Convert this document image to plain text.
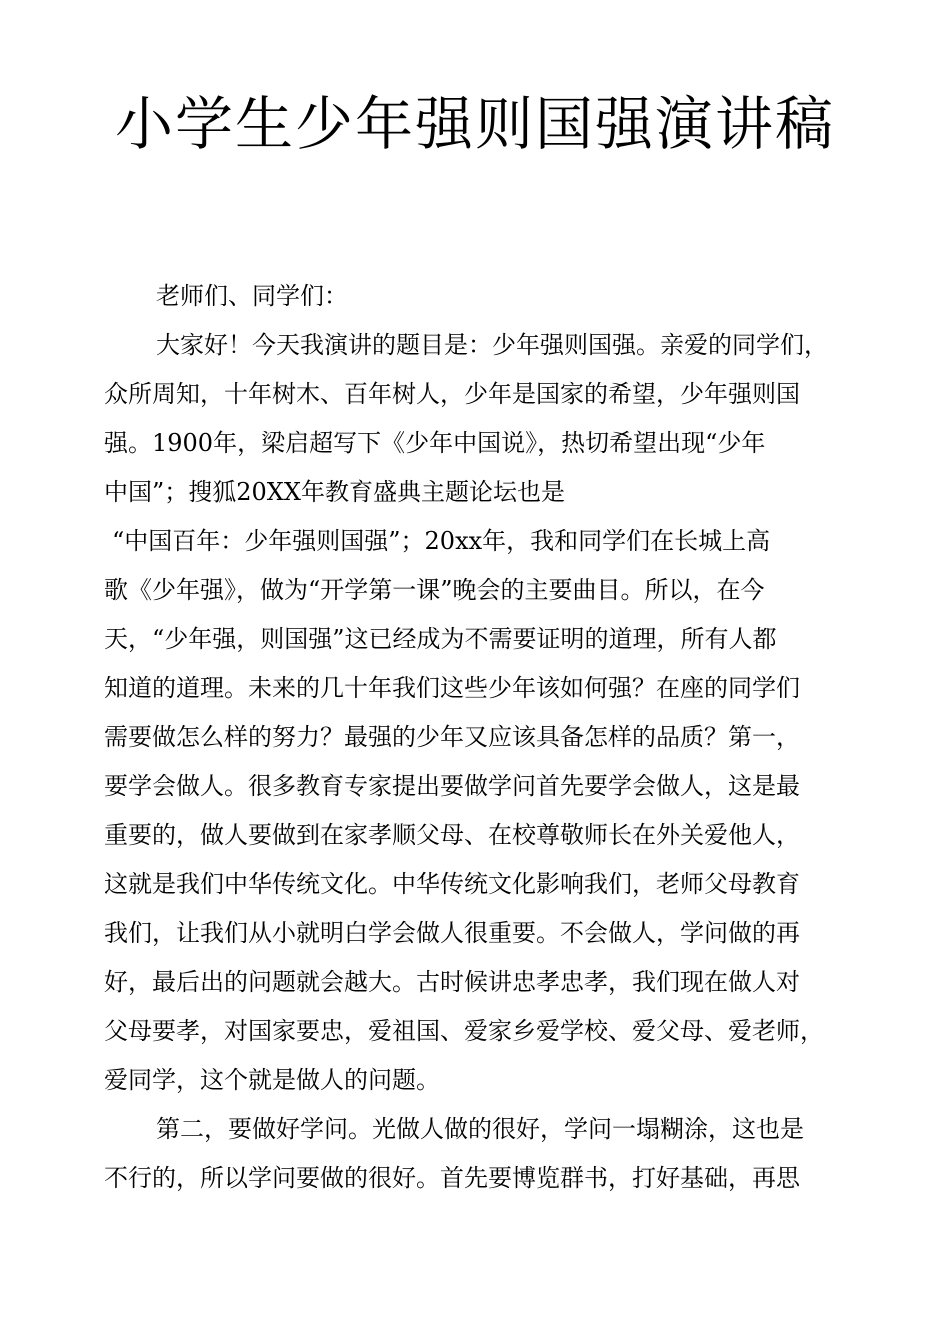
小学生少年强则国强演讲稿
老师们、同学们：
大家好！今天我演讲的题目是：少年强则国强。亲爱的同学们，
众所周知，十年树木、百年树人，少年是国家的希望，少年强则国
强。1900年，梁启超写下《少年中国说》，热切希望出现“少年
中国”；搜狐20XX年教育盛典主题论坛也是
“中国百年：少年强则国强”；20xx年，我和同学们在长城上高
歌《少年强》，做为“开学第一课”晚会的主要曲目。所以，在今
天，“少年强，则国强”这已经成为不需要证明的道理，所有人都
知道的道理。未来的几十年我们这些少年该如何强？在座的同学们
需要做怎么样的努力？最强的少年又应该具备怎样的品质？第一，
要学会做人。很多教育专家提出要做学问首先要学会做人，这是最
重要的，做人要做到在家孝顺父母、在校尊敬师长在外关爱他人，
这就是我们中华传统文化。中华传统文化影响我们，老师父母教育
我们，让我们从小就明白学会做人很重要。不会做人，学问做的再
好，最后出的问题就会越大。古时候讲忠孝忠孝，我们现在做人对
父母要孝，对国家要忠，爱祖国、爱家乡爱学校、爱父母、爱老师，
爱同学，这个就是做人的问题。
第二，要做好学问。光做人做的很好，学问一塌糊涂，这也是
不行的，所以学问要做的很好。首先要博览群书，打好基础，再思
